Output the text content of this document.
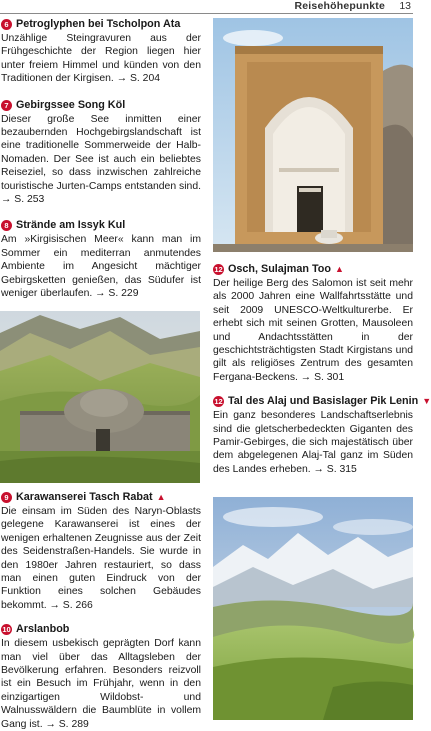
Reisehöhepunkte 13
6 Petroglyphen bei Tscholpon Ata
Unzählige Steingravuren aus der Frühgeschichte der Region liegen hier unter freiem Himmel und künden von den Traditionen der Kirgisen. → S. 204
7 Gebirgssee Song Köl
Dieser große See inmitten einer bezaubernden Hochgebirgslandschaft ist eine traditionelle Sommerweide der Halb-Nomaden. Der See ist auch ein beliebtes Reiseziel, so dass inzwischen zahlreiche touristische Jurten-Camps entstanden sind. → S. 253
8 Strände am Issyk Kul
Am »Kirgisischen Meer« kann man im Sommer ein mediterran anmutendes Ambiente im Angesicht mächtiger Gebirgsketten genießen, das Südufer ist weniger überlaufen. → S. 229
9 Karawanserei Tasch Rabat ▲
Die einsam im Süden des Naryn-Oblasts gelegene Karawanserei ist eines der wenigen erhaltenen Zeugnisse aus der Zeit des Seidenstraßen-Handels. Sie wurde in den 1980er Jahren restauriert, so dass man einen guten Eindruck von der Funktion eines solchen Gebäudes bekommt. → S. 266
10 Arslanbob
In diesem usbekisch geprägten Dorf kann man viel über das Alltagsleben der Bevölkerung erfahren. Besonders reizvoll ist ein Besuch im Frühjahr, wenn in den einzigartigen Wildobst- und Walnusswäldern die Baumblüte in vollem Gang ist. → S. 289
12 Osch, Sulajman Too ▲
Der heilige Berg des Salomon ist seit mehr als 2000 Jahren eine Wallfahrtsstätte und seit 2009 UNESCO-Weltkulturerbe. Er erhebt sich mit seinen Grotten, Mausoleen und Andachtsstätten in der geschichtsträchtigsten Stadt Kirgistans und gilt als religiöses Zentrum des gesamten Ferganа-Beckens. → S. 301
12 Tal des Alaj und Basislager Pik Lenin ▼
Ein ganz besonderes Landschaftserlebnis sind die gletscherbedeckten Giganten des Pamir-Gebirges, die sich majestätisch über dem abgelegenen Alaj-Tal ganz im Süden des Landes erheben. → S. 315
